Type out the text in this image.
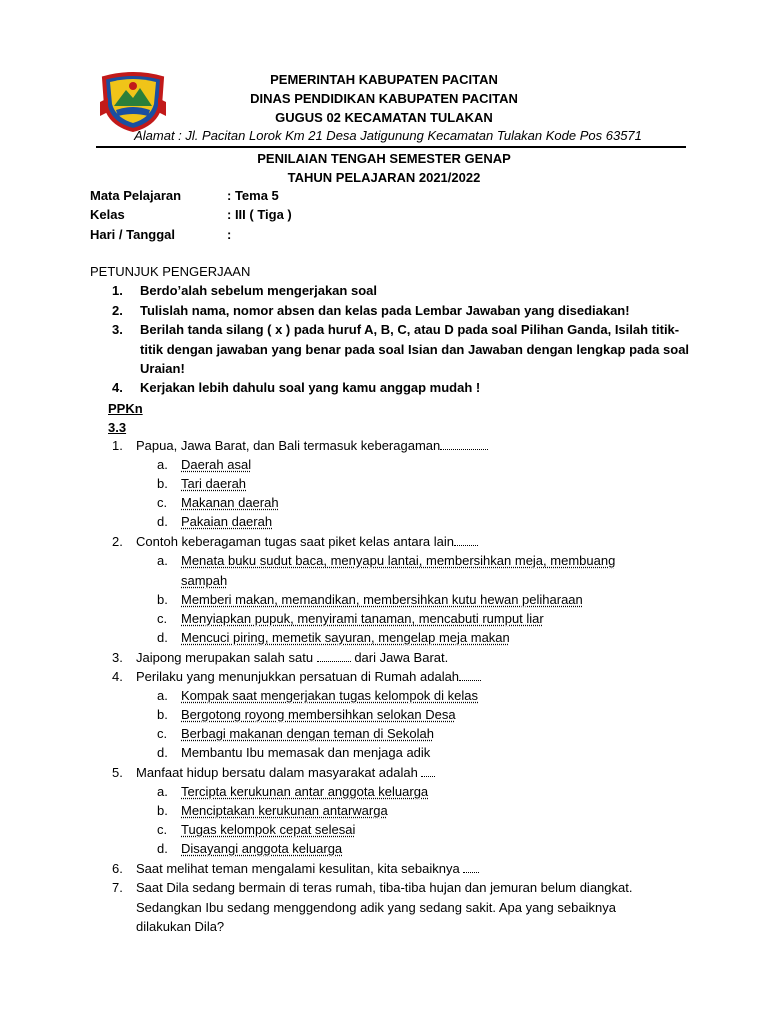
PEMERINTAH KABUPATEN PACITAN
DINAS PENDIDIKAN KABUPATEN PACITAN
GUGUS 02 KECAMATAN TULAKAN
Alamat : Jl. Pacitan Lorok Km 21 Desa Jatigunung Kecamatan Tulakan Kode Pos 63571
PENILAIAN TENGAH SEMESTER GENAP
TAHUN PELAJARAN 2021/2022
Mata Pelajaran	: Tema 5
Kelas	: III ( Tiga )
Hari / Tanggal	:
PETUNJUK PENGERJAAN
1. Berdo’alah sebelum mengerjakan soal
2. Tulislah nama, nomor absen dan kelas pada Lembar Jawaban yang disediakan!
3. Berilah tanda silang ( x ) pada huruf A, B, C, atau D pada soal Pilihan Ganda, Isilah titik-titik dengan jawaban yang benar pada soal Isian dan Jawaban dengan lengkap pada soal Uraian!
4. Kerjakan lebih dahulu soal yang kamu anggap mudah !
PPKn
3.3
1. Papua, Jawa Barat, dan Bali termasuk keberagaman
a. Daerah asal
b. Tari daerah
c. Makanan daerah
d. Pakaian daerah
2. Contoh keberagaman tugas saat piket kelas antara lain
a. Menata buku sudut baca, menyapu lantai, membersihkan meja, membuang sampah
b. Memberi makan, memandikan, membersihkan kutu hewan peliharaan
c. Menyiapkan pupuk, menyirami tanaman, mencabuti rumput liar
d. Mencuci piring, memetik sayuran, mengelap meja makan
3. Jaipong merupakan salah satu	dari Jawa Barat.
4. Perilaku yang menunjukkan persatuan di Rumah adalah
a. Kompak saat mengerjakan tugas kelompok di kelas
b. Bergotong royong membersihkan selokan Desa
c. Berbagi makanan dengan teman di Sekolah
d. Membantu Ibu memasak dan menjaga adik
5. Manfaat hidup bersatu dalam masyarakat adalah
a. Tercipta kerukunan antar anggota keluarga
b. Menciptakan kerukunan antarwarga
c. Tugas kelompok cepat selesai
d. Disayangi anggota keluarga
6. Saat melihat teman mengalami kesulitan, kita sebaiknya
7. Saat Dila sedang bermain di teras rumah, tiba-tiba hujan dan jemuran belum diangkat. Sedangkan Ibu sedang menggendong adik yang sedang sakit. Apa yang sebaiknya dilakukan Dila?
